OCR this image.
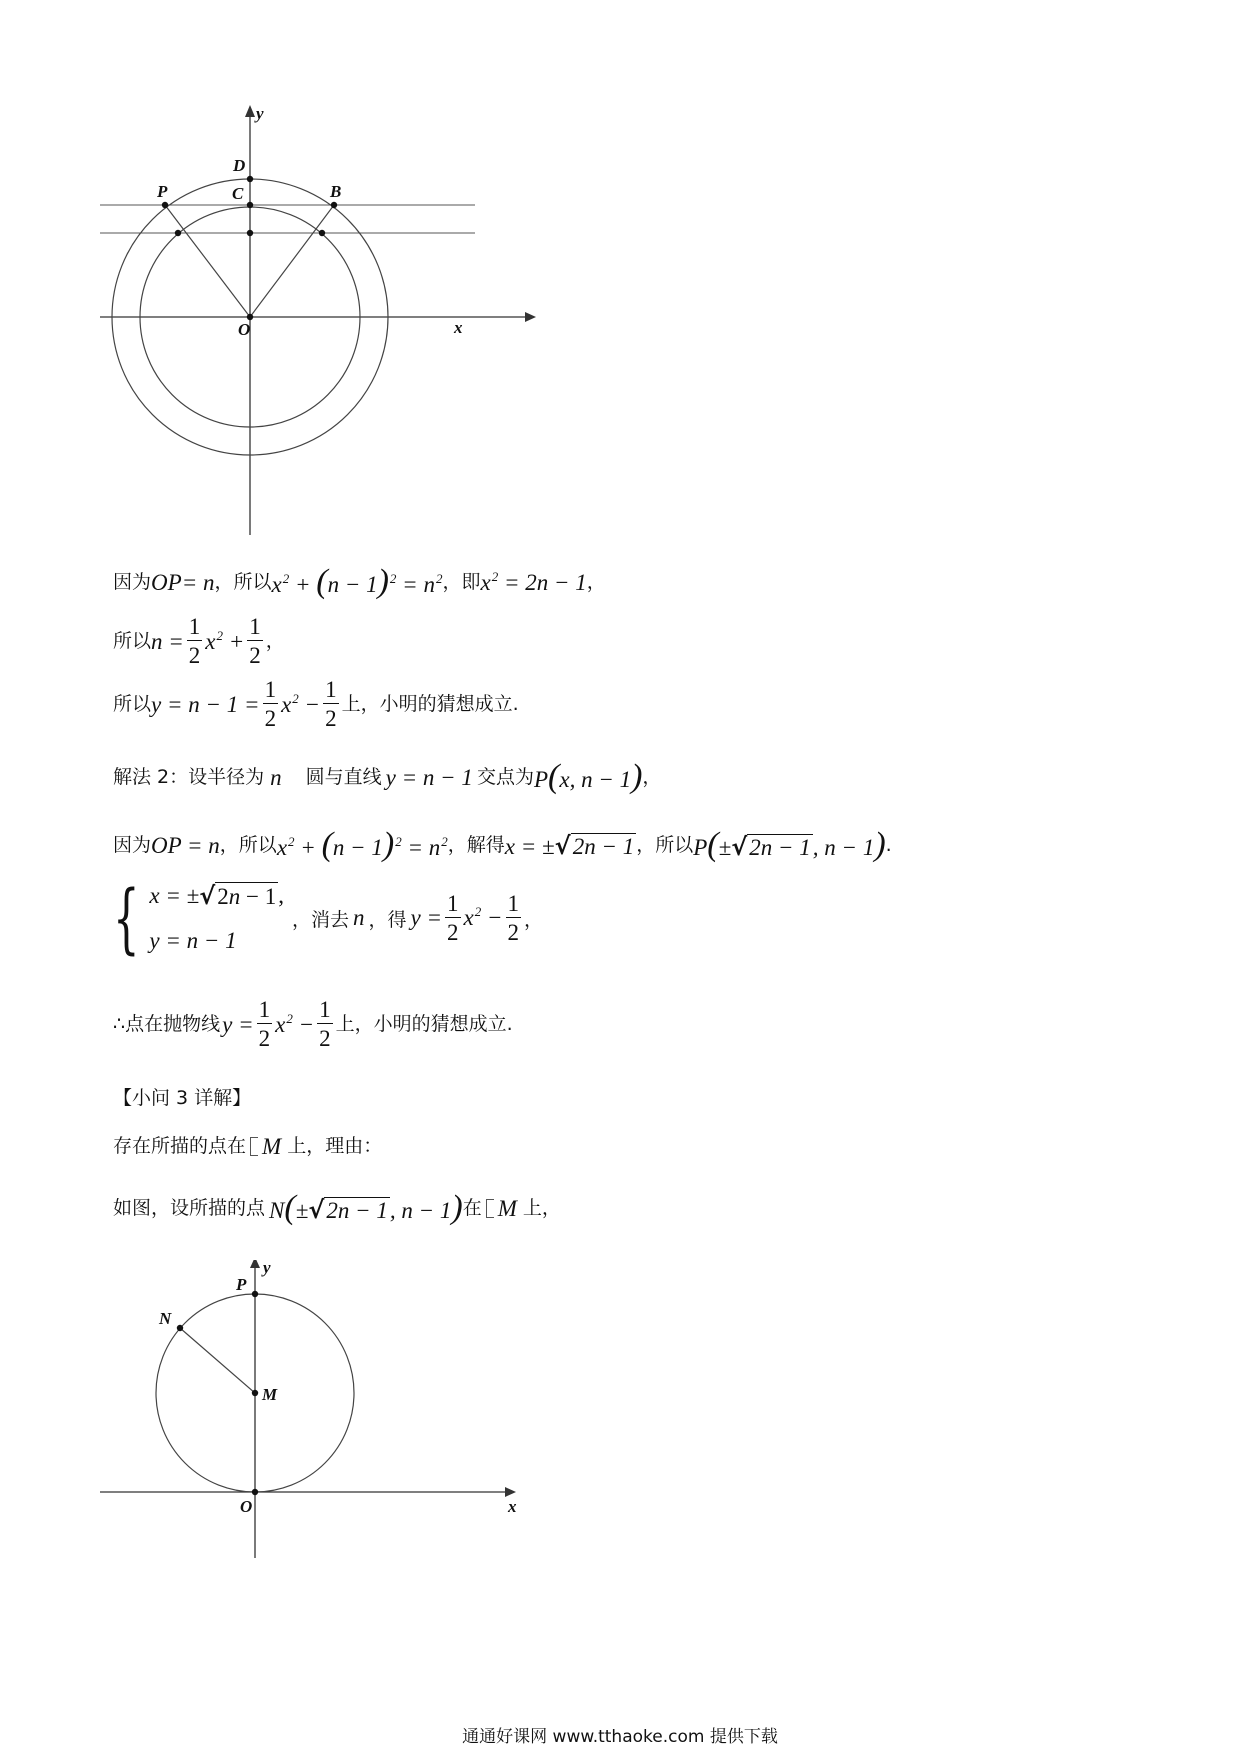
y
D
C
P	B
O	x
因为 OP = n ，所以 $x^2 + (n - 1)^2 = n^2$ ，即 $x^2 = 2n - 1$ ，
所以 $n = \frac{1}{2} x^2 + \frac{1}{2}$ ，
所以 $y = n - 1 = \frac{1}{2} x^2 - \frac{1}{2}$ 上，小明的猜想成立.
解法 2：设半径为 n 圆与直线 y = n − 1 交点为 P(x, n − 1) ，
因为 OP = n ，所以 $x^2 + (n - 1)^2 = n^2$ ，解得 x = ± √ 2n − 1 ，所以 P(± √ 2n − 1 , n − 1) .
{ x = ± √ 2n − 1 ,
y = n − 1
，消去 n ，得 $y = \frac{1}{2} x^2 - \frac{1}{2}$ ，
∴点在抛物线 $y = \frac{1}{2} x^2 - \frac{1}{2}$ 上，小明的猜想成立.
【小问 3 详解】
存在所描的点在 M 上，理由：
如图，设所描的点 N(± √ 2n − 1 , n − 1) 在 M 上，
P
y
N
M
O	x
通通好课网 www.tthaoke.com 提供下载
